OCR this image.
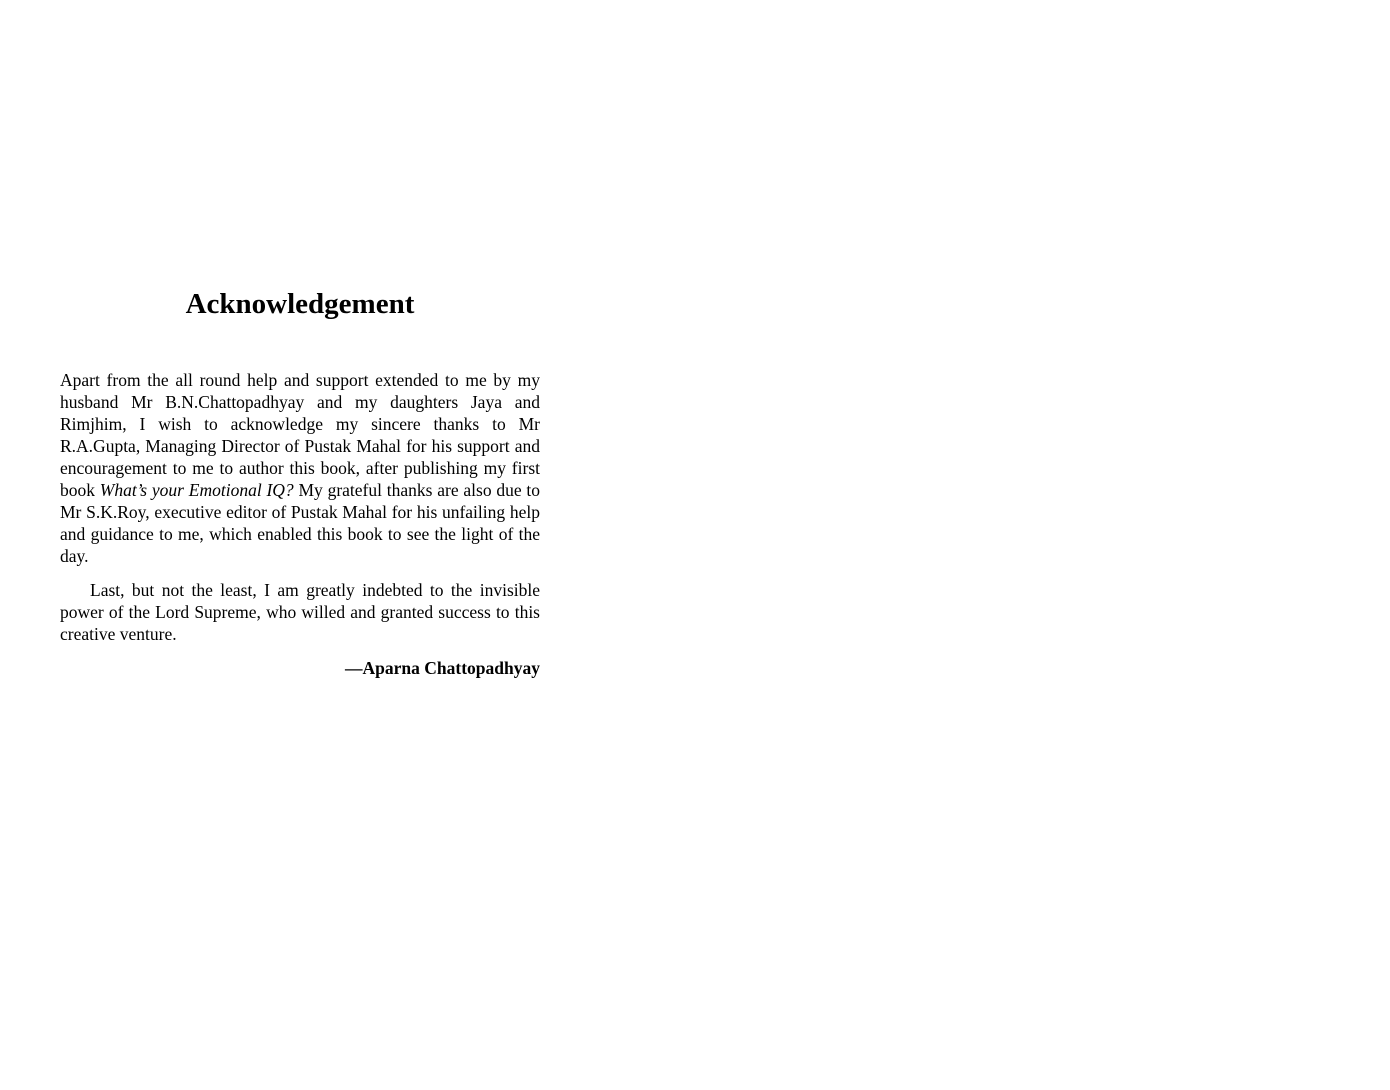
Acknowledgement

Apart from the all round help and support extended to me by my husband Mr B.N.Chattopadhyay and my daughters Jaya and Rimjhim, I wish to acknowledge my sincere thanks to Mr R.A.Gupta, Managing Director of Pustak Mahal for his support and encouragement to me to author this book, after publishing my first book What’s your Emotional IQ? My grateful thanks are also due to Mr S.K.Roy, executive editor of Pustak Mahal for his unfailing help and guidance to me, which enabled this book to see the light of the day.

Last, but not the least, I am greatly indebted to the invisible power of the Lord Supreme, who willed and granted success to this creative venture.

—Aparna Chattopadhyay
